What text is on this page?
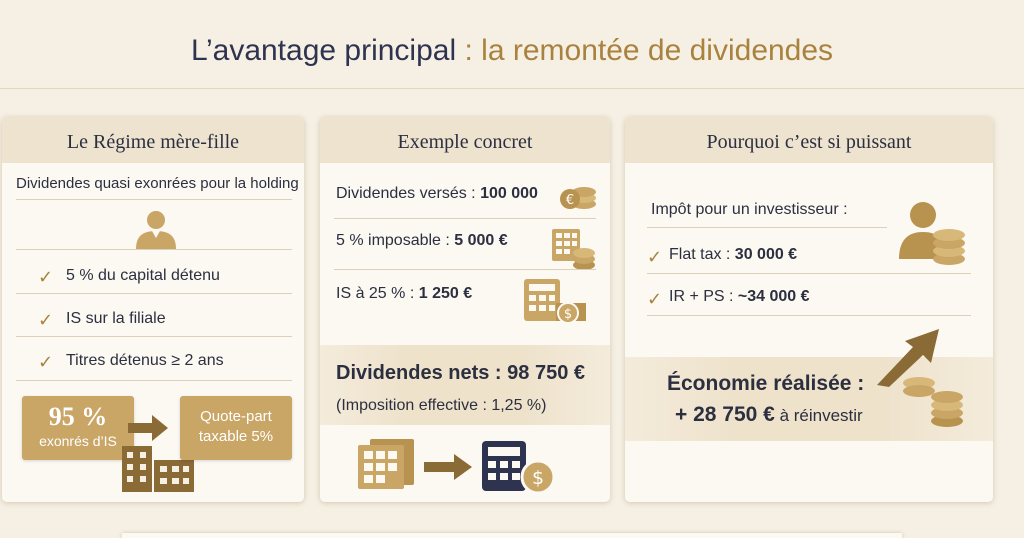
L’avantage principal : la remontée de dividendes
Le Régime mère-fille
Dividendes quasi exonrées pour la holding
✓ 5 % du capital détenu
✓ IS sur la filiale
✓ Titres détenus ≥ 2 ans
95 %
exonrés d’IS
Quote-part
taxable 5%
Exemple concret
Dividendes versés : 100 000 €
5 % imposable : 5 000 €
IS à 25 % : 1 250 €
$
Dividendes nets : 98 750 €
(Imposition effective : 1,25 %)
$
Pourquoi c’est si puissant
Impôt pour un investisseur :
✓ Flat tax : 30 000 €
✓ IR + PS : ~34 000 €
Économie réalisée :
+ 28 750 € à réinvestir
